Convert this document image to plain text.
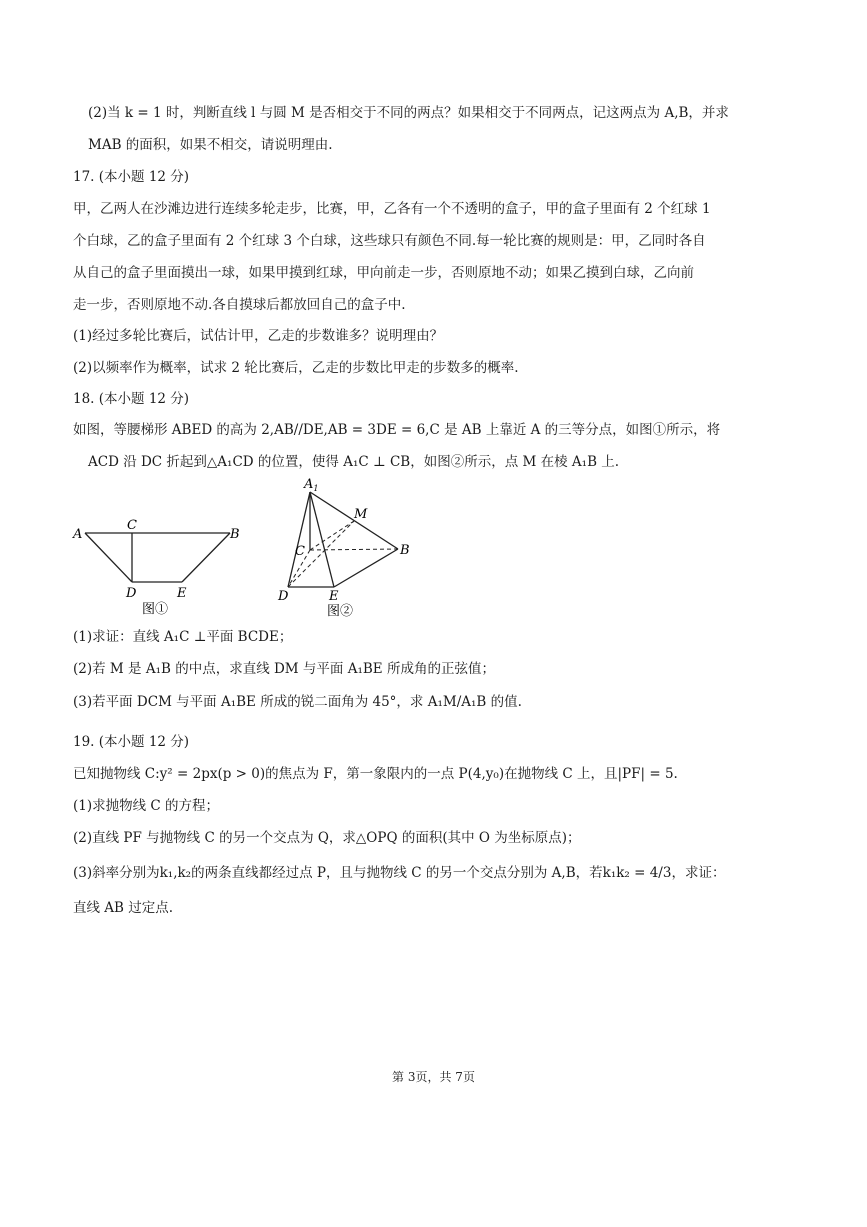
(2)当 k = 1 时，判断直线 l 与圆 M 是否相交于不同的两点？如果相交于不同两点，记这两点为 A,B，并求
MAB 的面积，如果不相交，请说明理由.
17. (本小题 12 分)
甲，乙两人在沙滩边进行连续多轮走步，比赛，甲，乙各有一个不透明的盒子，甲的盒子里面有 2 个红球 1
个白球，乙的盒子里面有 2 个红球 3 个白球，这些球只有颜色不同.每一轮比赛的规则是：甲，乙同时各自
从自己的盒子里面摸出一球，如果甲摸到红球，甲向前走一步，否则原地不动；如果乙摸到白球，乙向前
走一步，否则原地不动.各自摸球后都放回自己的盒子中.
(1)经过多轮比赛后，试估计甲，乙走的步数谁多？说明理由？
(2)以频率作为概率，试求 2 轮比赛后，乙走的步数比甲走的步数多的概率.
18. (本小题 12 分)
如图，等腰梯形 ABED 的高为 2,AB//DE,AB = 3DE = 6,C 是 AB 上靠近 A 的三等分点，如图①所示，将
ACD 沿 DC 折起到△A₁CD 的位置，使得 A₁C ⊥ CB，如图②所示，点 M 在棱 A₁B 上.
A
C
B
D	E
图①
$A_1$
M
C	B
D	E
图②
(1)求证：直线 A₁C ⊥平面 BCDE；
(2)若 M 是 A₁B 的中点，求直线 DM 与平面 A₁BE 所成角的正弦值；
(3)若平面 DCM 与平面 A₁BE 所成的锐二面角为 45°，求 A₁M/A₁B 的值.
19. (本小题 12 分)
已知抛物线 C:y² = 2px(p > 0)的焦点为 F，第一象限内的一点 P(4,y₀)在抛物线 C 上，且|PF| = 5.
(1)求抛物线 C 的方程；
(2)直线 PF 与抛物线 C 的另一个交点为 Q，求△OPQ 的面积(其中 O 为坐标原点)；
(3)斜率分别为k₁,k₂的两条直线都经过点 P，且与抛物线 C 的另一个交点分别为 A,B，若k₁k₂ = 4/3，求证：
直线 AB 过定点.
第 3页，共 7页
